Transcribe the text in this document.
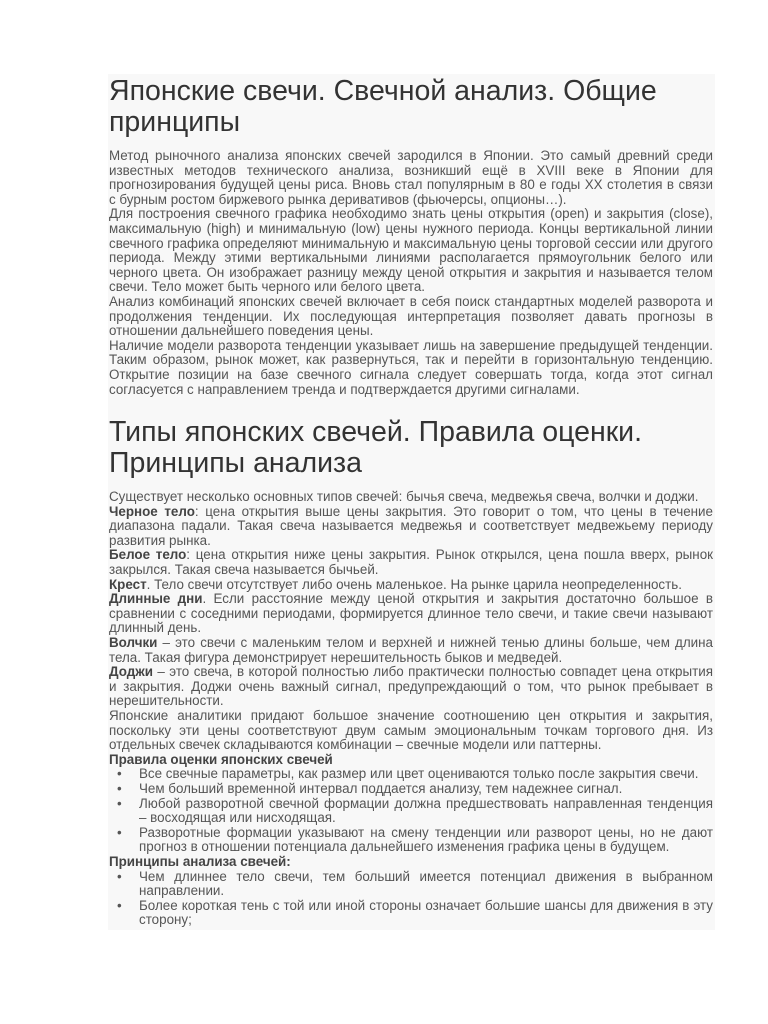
Японские свечи. Свечной анализ. Общие принципы

Метод рыночного анализа японских свечей зародился в Японии. Это самый древний среди известных методов технического анализа, возникший ещё в XVIII веке в Японии для прогнозирования будущей цены риса. Вновь стал популярным в 80 е годы XX столетия в связи с бурным ростом биржевого рынка деривативов (фьючерсы, опционы…).

Для построения свечного графика необходимо знать цены открытия (open) и закрытия (close), максимальную (high) и минимальную (low) цены нужного периода. Концы вертикальной линии свечного графика определяют минимальную и максимальную цены торговой сессии или другого периода. Между этими вертикальными линиями располагается прямоугольник белого или черного цвета. Он изображает разницу между ценой открытия и закрытия и называется телом свечи. Тело может быть черного или белого цвета.

Анализ комбинаций японских свечей включает в себя поиск стандартных моделей разворота и продолжения тенденции. Их последующая интерпретация позволяет давать прогнозы в отношении дальнейшего поведения цены.

Наличие модели разворота тенденции указывает лишь на завершение предыдущей тенденции. Таким образом, рынок может, как развернуться, так и перейти в горизонтальную тенденцию. Открытие позиции на базе свечного сигнала следует совершать тогда, когда этот сигнал согласуется с направлением тренда и подтверждается другими сигналами.

Типы японских свечей. Правила оценки. Принципы анализа

Существует несколько основных типов свечей: бычья свеча, медвежья свеча, волчки и доджи.

Черное тело: цена открытия выше цены закрытия. Это говорит о том, что цены в течение диапазона падали. Такая свеча называется медвежья и соответствует медвежьему периоду развития рынка.

Белое тело: цена открытия ниже цены закрытия. Рынок открылся, цена пошла вверх, рынок закрылся. Такая свеча называется бычьей.

Крест. Тело свечи отсутствует либо очень маленькое. На рынке царила неопределенность.

Длинные дни. Если расстояние между ценой открытия и закрытия достаточно большое в сравнении с соседними периодами, формируется длинное тело свечи, и такие свечи называют длинный день.

Волчки – это свечи с маленьким телом и верхней и нижней тенью длины больше, чем длина тела. Такая фигура демонстрирует нерешительность быков и медведей.

Доджи – это свеча, в которой полностью либо практически полностью совпадет цена открытия и закрытия. Доджи очень важный сигнал, предупреждающий о том, что рынок пребывает в нерешительности.

Японские аналитики придают большое значение соотношению цен открытия и закрытия, поскольку эти цены соответствуют двум самым эмоциональным точкам торгового дня. Из отдельных свечек складываются комбинации – свечные модели или паттерны.

Правила оценки японских свечей
• Все свечные параметры, как размер или цвет оцениваются только после закрытия свечи.
• Чем больший временной интервал поддается анализу, тем надежнее сигнал.
• Любой разворотной свечной формации должна предшествовать направленная тенденция – восходящая или нисходящая.
• Разворотные формации указывают на смену тенденции или разворот цены, но не дают прогноз в отношении потенциала дальнейшего изменения графика цены в будущем.
Принципы анализа свечей:
• Чем длиннее тело свечи, тем больший имеется потенциал движения в выбранном направлении.
• Более короткая тень с той или иной стороны означает большие шансы для движения в эту сторону;
